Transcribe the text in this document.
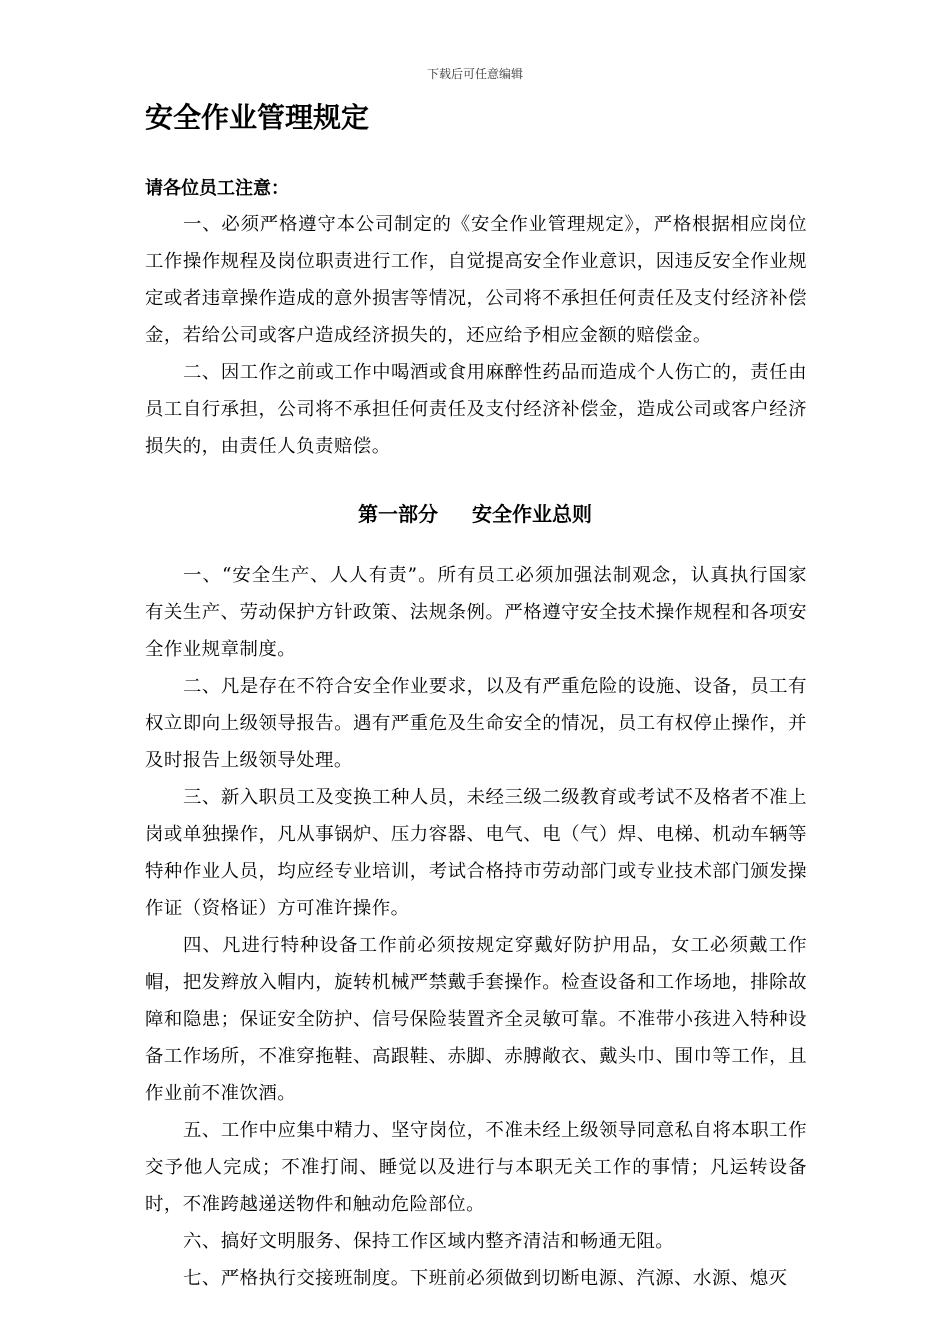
下载后可任意编辑
安全作业管理规定
请各位员工注意：

一、必须严格遵守本公司制定的《安全作业管理规定》，严格根据相应岗位工作操作规程及岗位职责进行工作，自觉提高安全作业意识，因违反安全作业规定或者违章操作造成的意外损害等情况，公司将不承担任何责任及支付经济补偿金，若给公司或客户造成经济损失的，还应给予相应金额的赔偿金。

二、因工作之前或工作中喝酒或食用麻醉性药品而造成个人伤亡的，责任由员工自行承担，公司将不承担任何责任及支付经济补偿金，造成公司或客户经济损失的，由责任人负责赔偿。

第一部分 安全作业总则

一、“安全生产、人人有责”。所有员工必须加强法制观念，认真执行国家有关生产、劳动保护方针政策、法规条例。严格遵守安全技术操作规程和各项安全作业规章制度。

二、凡是存在不符合安全作业要求，以及有严重危险的设施、设备，员工有权立即向上级领导报告。遇有严重危及生命安全的情况，员工有权停止操作，并及时报告上级领导处理。

三、新入职员工及变换工种人员，未经三级二级教育或考试不及格者不准上岗或单独操作，凡从事锅炉、压力容器、电气、电（气）焊、电梯、机动车辆等特种作业人员，均应经专业培训，考试合格持市劳动部门或专业技术部门颁发操作证（资格证）方可准许操作。

四、凡进行特种设备工作前必须按规定穿戴好防护用品，女工必须戴工作帽，把发辫放入帽内，旋转机械严禁戴手套操作。检查设备和工作场地，排除故障和隐患；保证安全防护、信号保险装置齐全灵敏可靠。不准带小孩进入特种设备工作场所，不准穿拖鞋、高跟鞋、赤脚、赤膊敞衣、戴头巾、围巾等工作，且作业前不准饮酒。

五、工作中应集中精力、坚守岗位，不准未经上级领导同意私自将本职工作交予他人完成；不准打闹、睡觉以及进行与本职无关工作的事情；凡运转设备时，不准跨越递送物件和触动危险部位。

六、搞好文明服务、保持工作区域内整齐清洁和畅通无阻。

七、严格执行交接班制度。下班前必须做到切断电源、汽源、水源、熄灭
